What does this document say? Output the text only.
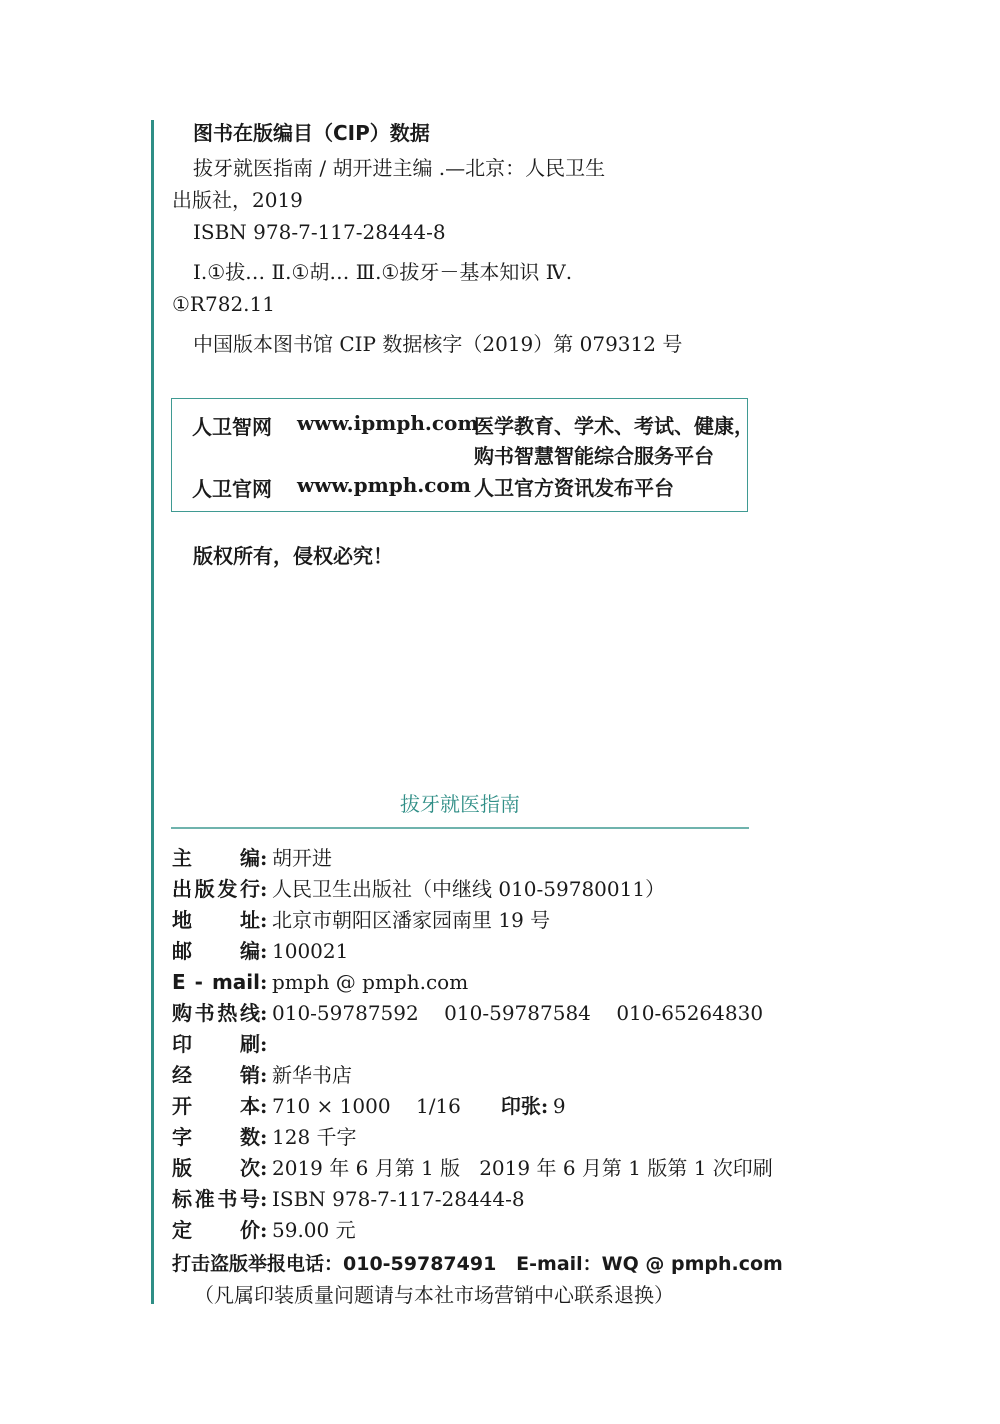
图书在版编目（CIP）数据
拔牙就医指南 / 胡开进主编 .—北京：人民卫生
出版社，2019
ISBN 978-7-117-28444-8
Ⅰ.①拔… Ⅱ.①胡… Ⅲ.①拔牙－基本知识 Ⅳ.
①R782.11
中国版本图书馆 CIP 数据核字（2019）第 079312 号
人卫智网 www.ipmph.com
医学教育、学术、考试、健康，
购书智慧智能综合服务平台
人卫官网 www.pmph.com 人卫官方资讯发布平台
版权所有，侵权必究！
拔牙就医指南
主　编: 胡开进
出版发行: 人民卫生出版社（中继线 010-59780011）
地　址: 北京市朝阳区潘家园南里 19 号
邮　编: 100021
E - mail: pmph @ pmph.com
购书热线: 010-59787592    010-59787584    010-65264830
印　刷:
经　销: 新华书店
开　本: 710 × 1000    1/16 印张: 9
字　数: 128 千字
版　次: 2019 年 6 月第 1 版   2019 年 6 月第 1 版第 1 次印刷
标准书号: ISBN 978-7-117-28444-8
定　价: 59.00 元
打击盗版举报电话：010-59787491   E-mail：WQ @ pmph.com
（凡属印装质量问题请与本社市场营销中心联系退换）
